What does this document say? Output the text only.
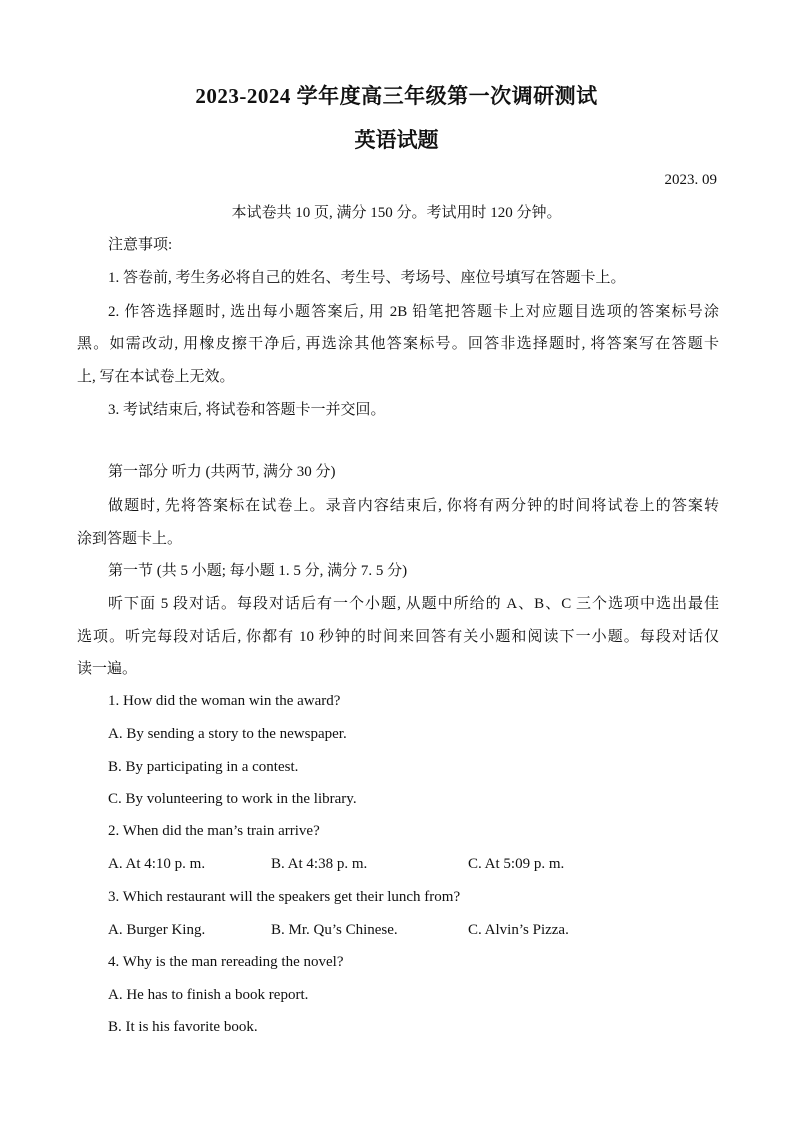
2023-2024 学年度高三年级第一次调研测试
英语试题
2023. 09
本试卷共 10 页, 满分 150 分。考试用时 120 分钟。
注意事项:
1. 答卷前, 考生务必将自己的姓名、考生号、考场号、座位号填写在答题卡上。
2. 作答选择题时, 选出每小题答案后, 用 2B 铅笔把答题卡上对应题目选项的答案标号涂
黑。如需改动, 用橡皮擦干净后, 再选涂其他答案标号。回答非选择题时, 将答案写在答题卡
上, 写在本试卷上无效。
3. 考试结束后, 将试卷和答题卡一并交回。
第一部分 听力 (共两节, 满分 30 分)
做题时, 先将答案标在试卷上。录音内容结束后, 你将有两分钟的时间将试卷上的答案转
涂到答题卡上。
第一节 (共 5 小题; 每小题 1. 5 分, 满分 7. 5 分)
听下面 5 段对话。每段对话后有一个小题, 从题中所给的 A、B、C 三个选项中选出最佳
选项。听完每段对话后, 你都有 10 秒钟的时间来回答有关小题和阅读下一小题。每段对话仅
读一遍。
1. How did the woman win the award?
A. By sending a story to the newspaper.
B. By participating in a contest.
C. By volunteering to work in the library.
2. When did the man’s train arrive?
A. At 4:10 p. m.	B. At 4:38 p. m.	C. At 5:09 p. m.
3. Which restaurant will the speakers get their lunch from?
A. Burger King.	B. Mr. Qu’s Chinese.	C. Alvin’s Pizza.
4. Why is the man rereading the novel?
A. He has to finish a book report.
B. It is his favorite book.
